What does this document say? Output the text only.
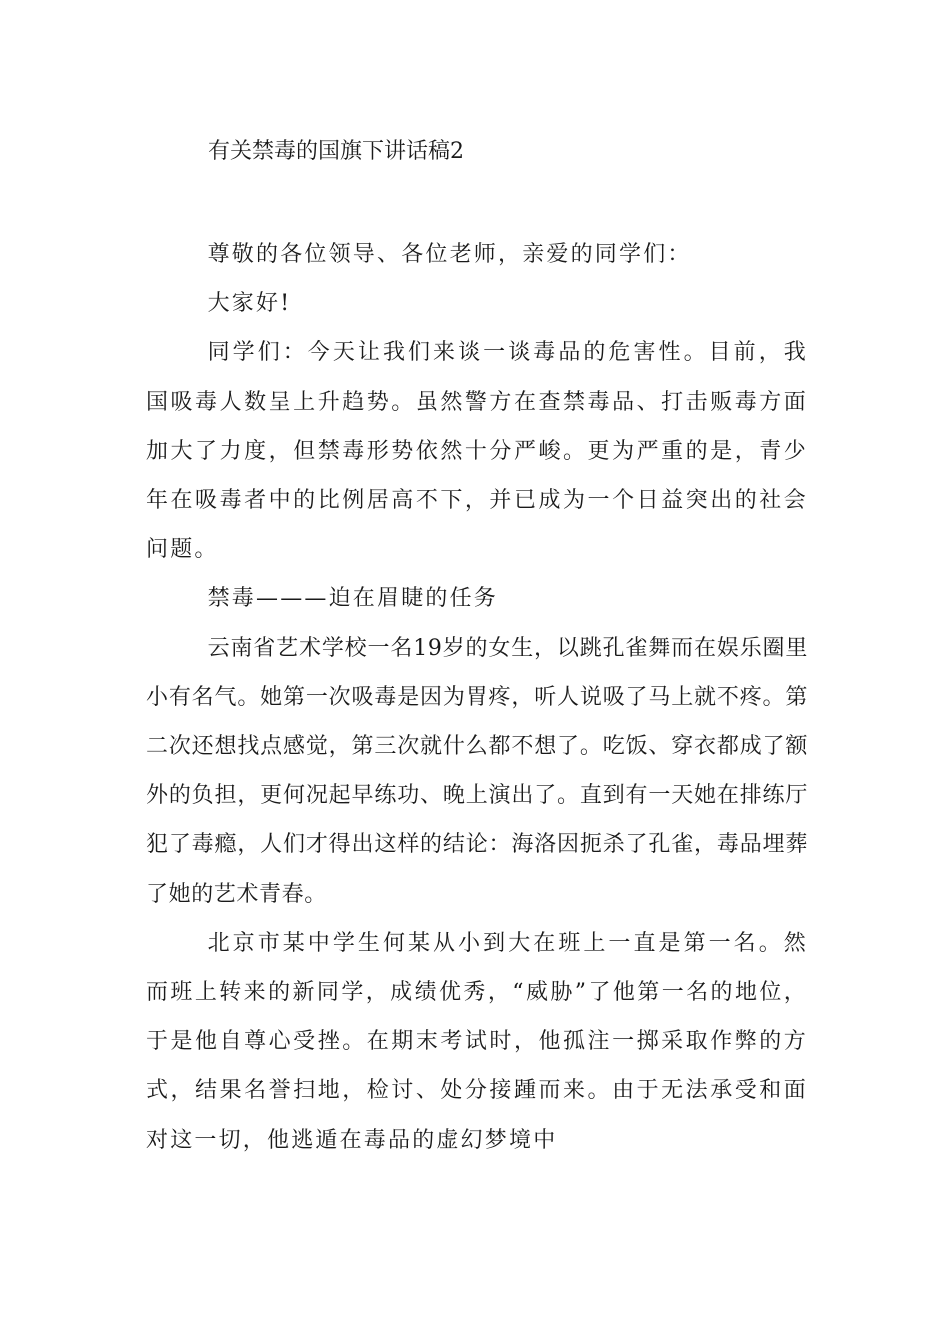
有关禁毒的国旗下讲话稿2

尊敬的各位领导、各位老师，亲爱的同学们：

大家好!

同学们：今天让我们来谈一谈毒品的危害性。目前，我国吸毒人数呈上升趋势。虽然警方在查禁毒品、打击贩毒方面加大了力度，但禁毒形势依然十分严峻。更为严重的是，青少年在吸毒者中的比例居高不下，并已成为一个日益突出的社会问题。

禁毒———迫在眉睫的任务

云南省艺术学校一名19岁的女生，以跳孔雀舞而在娱乐圈里小有名气。她第一次吸毒是因为胃疼，听人说吸了马上就不疼。第二次还想找点感觉，第三次就什么都不想了。吃饭、穿衣都成了额外的负担，更何况起早练功、晚上演出了。直到有一天她在排练厅犯了毒瘾，人们才得出这样的结论：海洛因扼杀了孔雀，毒品埋葬了她的艺术青春。

北京市某中学生何某从小到大在班上一直是第一名。然而班上转来的新同学，成绩优秀，“威胁”了他第一名的地位，于是他自尊心受挫。在期末考试时，他孤注一掷采取作弊的方式，结果名誉扫地，检讨、处分接踵而来。由于无法承受和面对这一切，他逃遁在毒品的虚幻梦境中
